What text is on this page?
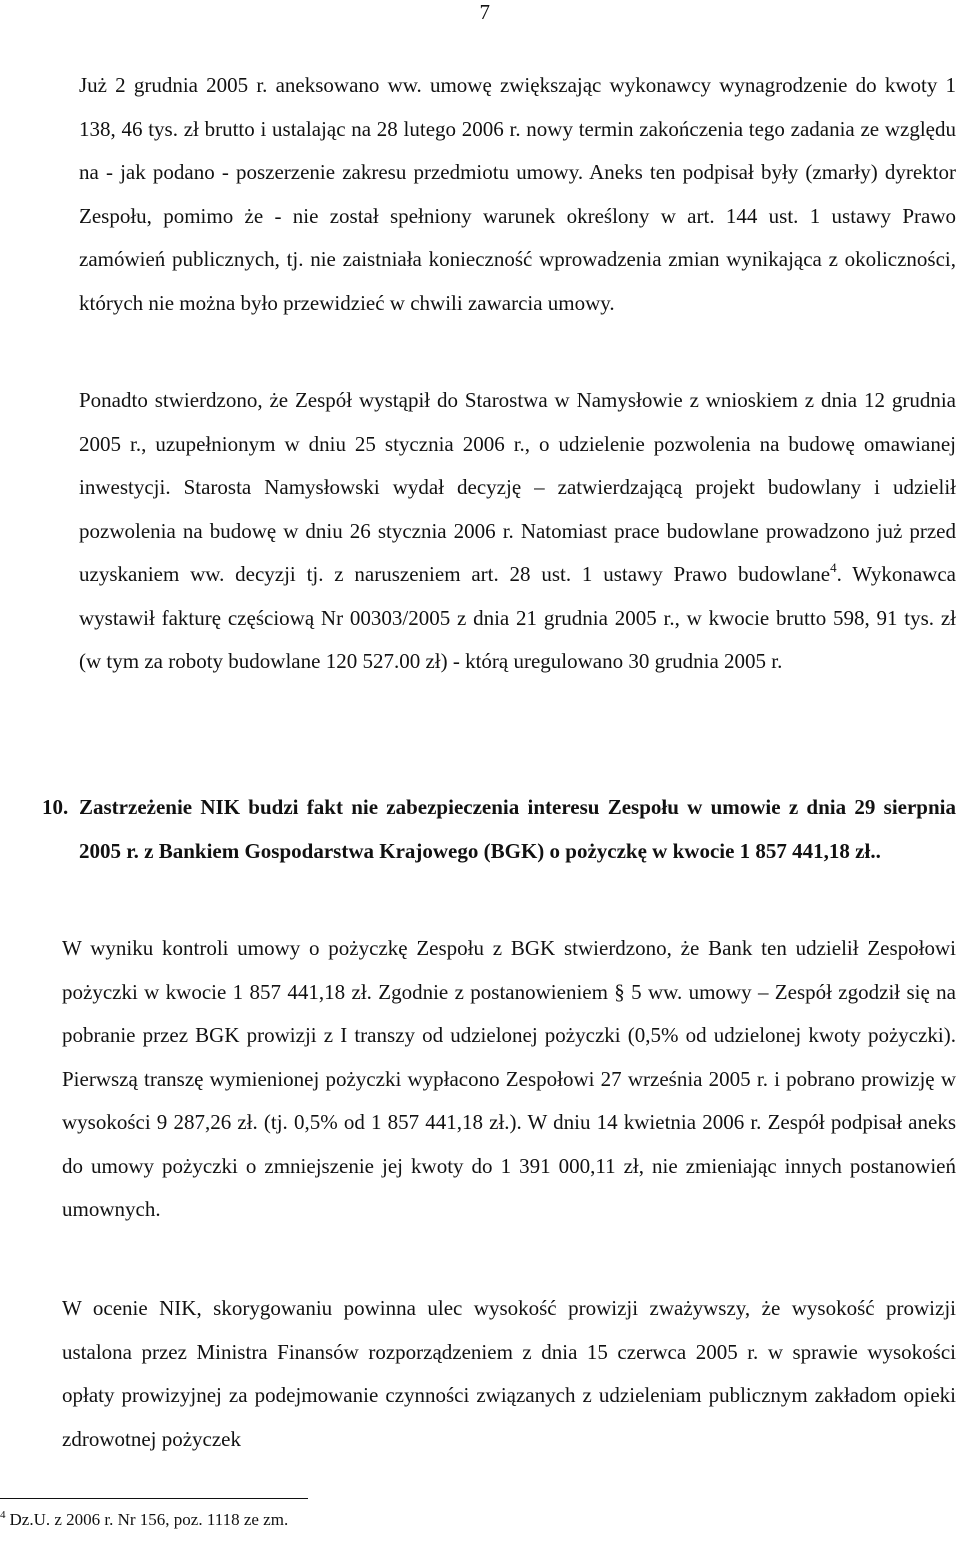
7
Już 2 grudnia 2005 r. aneksowano ww. umowę zwiększając wykonawcy wynagrodzenie do kwoty 1 138, 46 tys. zł brutto i ustalając na 28 lutego 2006 r. nowy termin zakończenia tego zadania ze względu na - jak podano - poszerzenie zakresu przedmiotu umowy. Aneks ten podpisał były (zmarły) dyrektor Zespołu, pomimo że - nie został spełniony warunek określony w art. 144 ust. 1 ustawy Prawo zamówień publicznych, tj. nie zaistniała konieczność wprowadzenia zmian wynikająca z okoliczności, których nie można było przewidzieć w chwili zawarcia umowy.
Ponadto stwierdzono, że Zespół wystąpił do Starostwa w Namysłowie z wnioskiem z dnia 12 grudnia 2005 r., uzupełnionym w dniu 25 stycznia 2006 r., o udzielenie pozwolenia na budowę omawianej inwestycji. Starosta Namysłowski wydał decyzję – zatwierdzającą projekt budowlany i udzielił pozwolenia na budowę w dniu 26 stycznia 2006 r. Natomiast prace budowlane prowadzono już przed uzyskaniem ww. decyzji tj. z naruszeniem art. 28 ust. 1 ustawy Prawo budowlane$^4$. Wykonawca wystawił fakturę częściową Nr 00303/2005 z dnia 21 grudnia 2005 r., w kwocie brutto 598, 91 tys. zł (w tym za roboty budowlane 120 527.00 zł) - którą uregulowano 30 grudnia 2005 r.
10. Zastrzeżenie NIK budzi fakt nie zabezpieczenia interesu Zespołu w umowie z dnia 29 sierpnia 2005 r. z Bankiem Gospodarstwa Krajowego (BGK) o pożyczkę w kwocie 1 857 441,18 zł..
W wyniku kontroli umowy o pożyczkę Zespołu z BGK stwierdzono, że Bank ten udzielił Zespołowi pożyczki w kwocie 1 857 441,18 zł. Zgodnie z postanowieniem § 5 ww. umowy – Zespół zgodził się na pobranie przez BGK prowizji z I transzy od udzielonej pożyczki (0,5% od udzielonej kwoty pożyczki). Pierwszą transzę wymienionej pożyczki wypłacono Zespołowi 27 września 2005 r. i pobrano prowizję w wysokości 9 287,26 zł. (tj. 0,5% od 1 857 441,18 zł.). W dniu 14 kwietnia 2006 r. Zespół podpisał aneks do umowy pożyczki o zmniejszenie jej kwoty do 1 391 000,11 zł, nie zmieniając innych postanowień umownych.
W ocenie NIK, skorygowaniu powinna ulec wysokość prowizji zważywszy, że wysokość prowizji ustalona przez Ministra Finansów rozporządzeniem z dnia 15 czerwca 2005 r. w sprawie wysokości opłaty prowizyjnej za podejmowanie czynności związanych z udzieleniam publicznym zakładom opieki zdrowotnej pożyczek
$^4$ Dz.U. z 2006 r. Nr 156, poz. 1118 ze zm.
